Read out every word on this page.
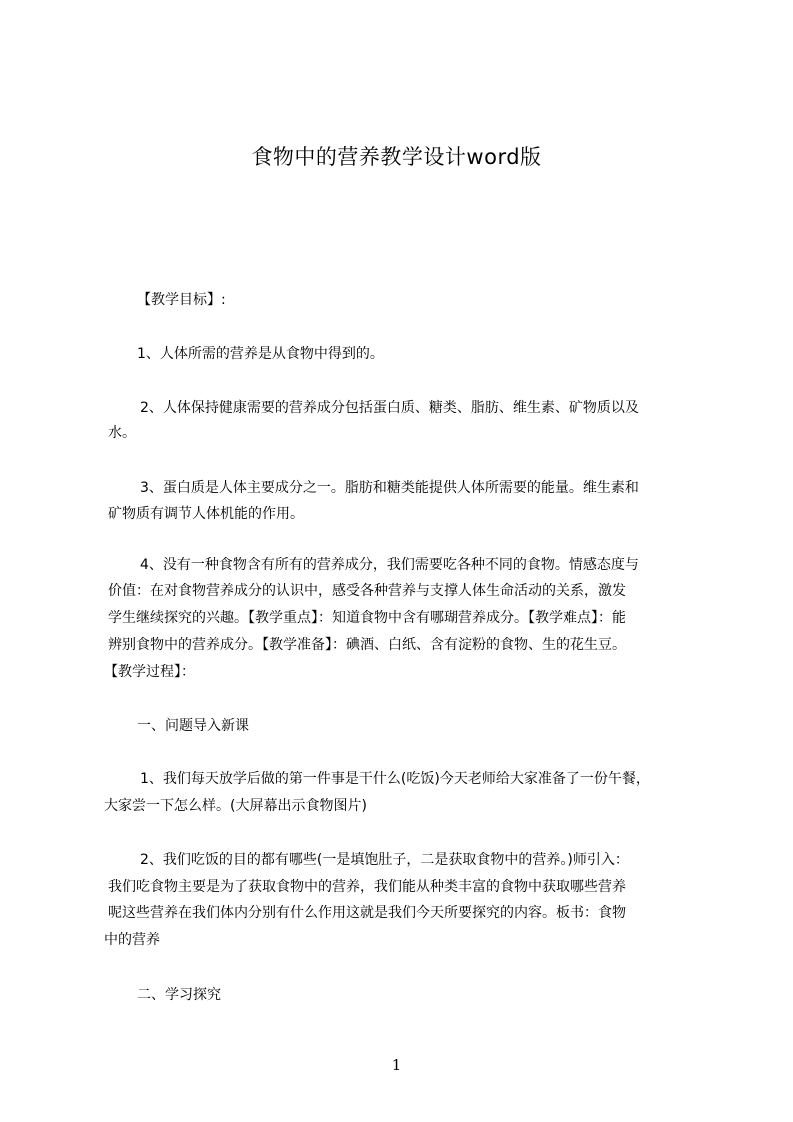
食物中的营养教学设计word版
【教学目标】:
1、人体所需的营养是从食物中得到的。
2、人体保持健康需要的营养成分包括蛋白质、糖类、脂肪、维生素、矿物质以及
水。
3、蛋白质是人体主要成分之一。脂肪和糖类能提供人体所需要的能量。维生素和
矿物质有调节人体机能的作用。
4、没有一种食物含有所有的营养成分，我们需要吃各种不同的食物。情感态度与
价值：在对食物营养成分的认识中，感受各种营养与支撑人体生命活动的关系，激发
学生继续探究的兴趣。【教学重点】：知道食物中含有哪瑚营养成分。【教学难点】：能
辨别食物中的营养成分。【教学准备】：碘酒、白纸、含有淀粉的食物、生的花生豆。
【教学过程】：
一、问题导入新课
1、我们每天放学后做的第一件事是干什么(吃饭)今天老师给大家准备了一份午餐，
大家尝一下怎么样。(大屏幕出示食物图片)
2、我们吃饭的目的都有哪些(一是填饱肚子，二是获取食物中的营养。)师引入：
我们吃食物主要是为了获取食物中的营养，我们能从种类丰富的食物中获取哪些营养
呢这些营养在我们体内分别有什么作用这就是我们今天所要探究的内容。板书：食物
中的营养
二、学习探究
1
